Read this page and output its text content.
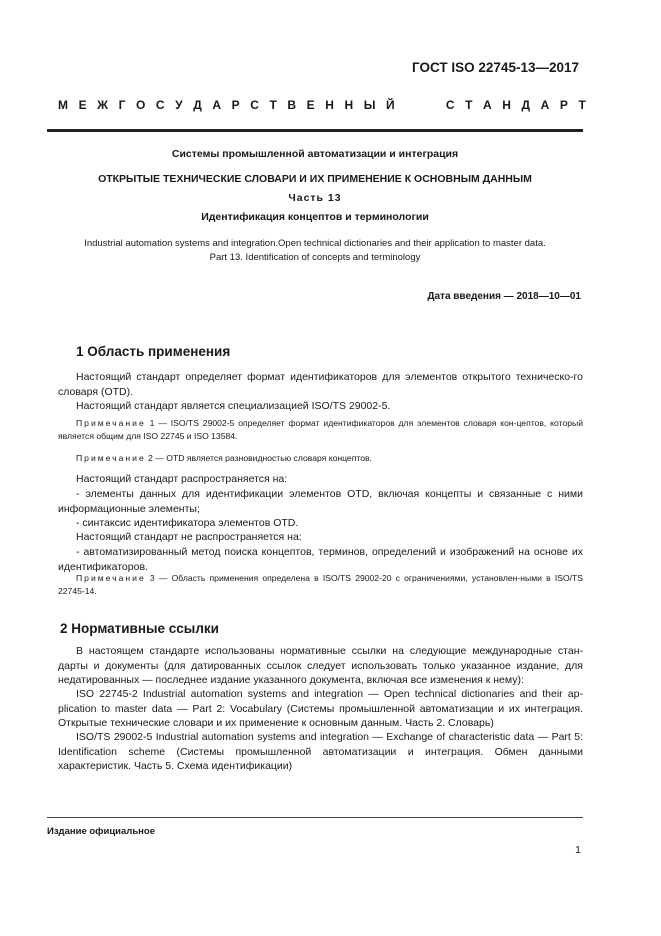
ГОСТ ISO 22745-13—2017
М Е Ж Г О С У Д А Р С Т В Е Н Н Ы Й	С Т А Н Д А Р Т
Системы промышленной автоматизации и интеграция
ОТКРЫТЫЕ ТЕХНИЧЕСКИЕ СЛОВАРИ И ИХ ПРИМЕНЕНИЕ К ОСНОВНЫМ ДАННЫМ
Часть 13
Идентификация концептов и терминологии
Industrial automation systems and integration.Open technical dictionaries and their application to master data.
Part 13. Identification of concepts and terminology
Дата введения — 2018—10—01
1 Область применения
Настоящий стандарт определяет формат идентификаторов для элементов открытого техническо-го словаря (OTD).
Настоящий стандарт является специализацией ISO/TS 29002-5.
Примечание 1 — ISO/TS 29002-5 определяет формат идентификаторов для элементов словаря кон-цептов, который является общим для ISO 22745 и ISO 13584.
Примечание 2 — OTD является разновидностью словаря концептов.
Настоящий стандарт распространяется на:
- элементы данных для идентификации элементов OTD, включая концепты и связанные с ними информационные элементы;
- синтаксис идентификатора элементов OTD.
Настоящий стандарт не распространяется на:
- автоматизированный метод поиска концептов, терминов, определений и изображений на основе их идентификаторов.
Примечание 3 — Область применения определена в ISO/TS 29002-20 с ограничениями, установлен-ными в ISO/TS 22745-14.
2 Нормативные ссылки
В настоящем стандарте использованы нормативные ссылки на следующие международные стан-дарты и документы (для датированных ссылок следует использовать только указанное издание, для недатированных — последнее издание указанного документа, включая все изменения к нему):
ISO 22745-2 Industrial automation systems and integration — Open technical dictionaries and their ap-plication to master data — Part 2: Vocabulary (Системы промышленной автоматизации и их интеграция. Открытые технические словари и их применение к основным данным. Часть 2. Словарь)
ISO/TS 29002-5 Industrial automation systems and integration — Exchange of characteristic data — Part 5: Identification scheme (Системы промышленной автоматизации и интеграция. Обмен данными характеристик. Часть 5. Схема идентификации)
Издание официальное
1
